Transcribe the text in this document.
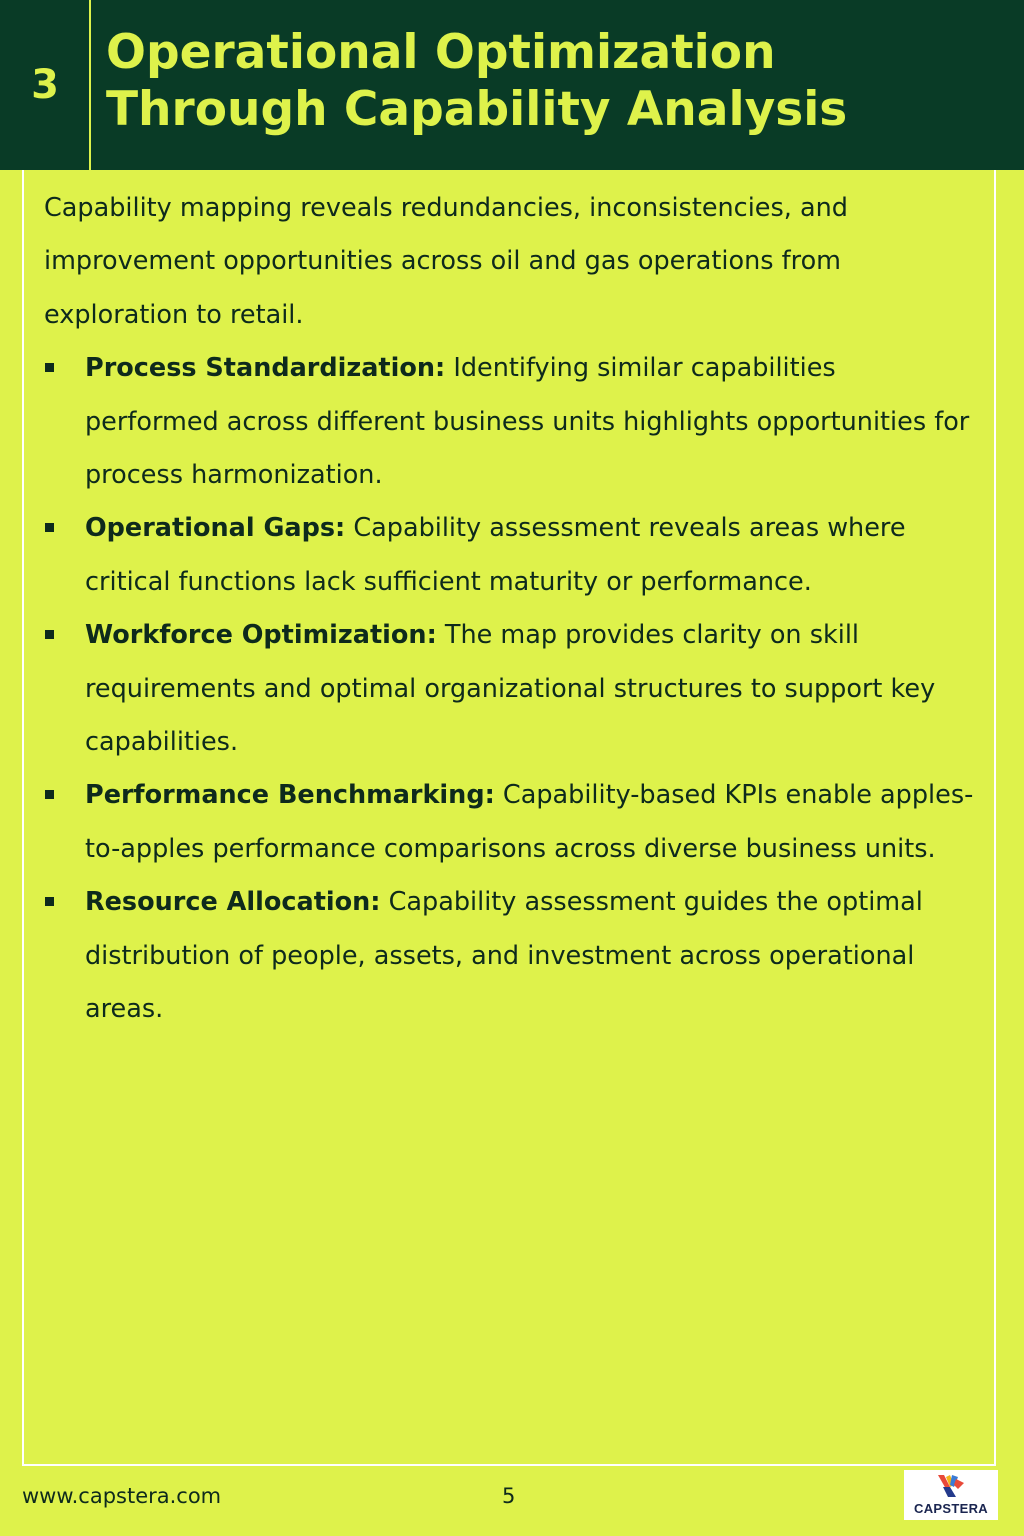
3
Operational Optimization Through Capability Analysis

Capability mapping reveals redundancies, inconsistencies, and improvement opportunities across oil and gas operations from exploration to retail.

Process Standardization: Identifying similar capabilities performed across different business units highlights opportunities for process harmonization.
Operational Gaps: Capability assessment reveals areas where critical functions lack sufficient maturity or performance.
Workforce Optimization: The map provides clarity on skill requirements and optimal organizational structures to support key capabilities.
Performance Benchmarking: Capability-based KPIs enable apples-to-apples performance comparisons across diverse business units.
Resource Allocation: Capability assessment guides the optimal distribution of people, assets, and investment across operational areas.
www.capstera.com	5
CAPSTERA
